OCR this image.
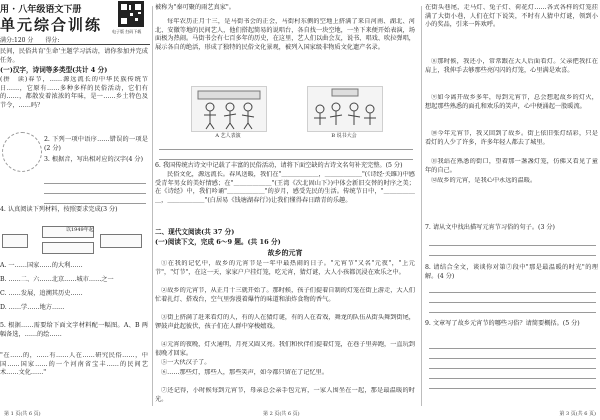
用 · 八年级语文下册
电子版 扫码下载
单元综合训练
满分:120 分　　得分:

民间，民俗共育'生命'主题学习活动，请你参加并完成任务。

(一)汉字，诗词等多类型(共计 4 分)

(拼　读)春节，……源远流长的中华民族传统节日……，它原有……多种多样的民俗活动，它们有的……，都散发着浓浓的年味，是一……乡土特色及节令，……吗？

2. 下列一项中语序……错误的一项是(2 分)
3. 根据音，写出相对应的汉字(4 分)
4. 认真阅读下列材料，按照要求完成(3 分)
以1949年起
A. 一……国家……的大利……
B. ……二、六……北京……城市……之一
C. ……发展，追溯其历史……
D. ……学……地方……
5. 根据……需要给下面文字材料配一幅图。A、B 两幅备选，……的绘……

"在……的，……有……人在……研究民俗……，中国……国家……的一个河南省宝丰……的民间艺术……文化……"

第 1 页(共 6 页)
被称为"秦可聚的雨艺真家"。

每年农历正月十三，是马街书会的正会，马街村东侧的空地上挤满了来自河南、湖北、河北、安徽等地的民间艺人，他们搭起简易的说唱台，各自找一块空地，一坐下来便开始表演，场面极为热闹。马街书会有七百多年的历史，在这里，艺人们以曲会友，说书、唱戏、吹拉弹唱，展示各自的绝活，形成了独特的民俗文化景观，被列入国家级非物质文化遗产名录。

A 艺人表演	B 说书大会
6. 我国传统古诗文中记载了丰富的民俗活动，请将下面空缺的古诗文名句补充完整。(5 分)

民俗文化，源远流长。春风送暖，我们在"＿＿＿＿＿＿，＿＿＿＿＿＿"(《诗经·关雎》)中感受青年男女的美好情感；在"＿＿＿＿＿＿"(王湾《次北固山下》)中体会新旧交替的时序之美；在《诗经》中，我们吟诵"＿＿＿＿＿＿"的岁月，感受先民的生活。传统节日中，"＿＿＿＿＿＿，＿＿＿＿＿＿"(白居易《钱塘湖春行》)让我们懂得春日踏青的乐趣。

二、现代文阅读(共 37 分)
(一)阅读下文，完成 6～9 题。(共 16 分)
故乡的元宵

①在我的记忆中，故乡的元宵节是一年中最热闹的日子。"元宵节"又名"元夜"，"上元节"，"灯节"，在这一天，家家户户挂灯笼，吃元宵，猜灯谜，大人小孩都沉浸在欢乐之中。

②故乡的元宵节，从正月十三就开始了。那时候，孩子们提着自制的灯笼在街上游走，大人们忙着扎灯、搭戏台，空气里弥漫着爆竹的味道和油炸食物的香气。

③街上挤满了赶来看灯的人，有的人在猜灯谜，有的人在看戏，舞龙的队伍从街头舞到街尾，锣鼓声此起彼伏，孩子们在人群中穿梭嬉戏。

④元宵的夜晚，灯火通明，月亮又圆又亮。我们和伙伴们提着灯笼，在巷子里奔跑，一直玩到很晚才回家。

⑤一大伙汉子了。

⑥……那些灯，那些人，那些笑声，如今都只留在了记忆里。

⑦还记得，小时候每到元宵节，母亲总会亲手包元宵，一家人围坐在一起，那是最温暖的时光。

第 2 页(共 6 页)

在街头巷尾，走马灯、兔子灯、荷花灯……各式各样的灯笼挂满了大街小巷，人们在灯下说笑，不时有人猜中灯谜，领到小小的奖品，引来一阵欢呼。

⑧那时候，我还小，常常跟在大人后面看灯。父亲把我扛在肩上，我伸手去够那些亮闪闪的灯笼，心里满是欢喜。

⑨如今离开故乡多年，每到元宵节，总会想起故乡的灯火，想起那些熟悉的面孔和欢乐的笑声，心中便涌起一股暖流。

⑩今年元宵节，我又回到了故乡。街上依旧张灯结彩，只是看灯的人少了许多，许多年轻人都去了城里。

⑪我站在熟悉的街口，望着那一盏盏灯笼，仿佛又看见了童年的自己。

⑫故乡的元宵，是我心中永远的温暖。

7. 请从文中找出描写元宵节习俗的句子。(3 分)
8. 请结合全文，谈谈你对第⑦段中"那是最温暖的时光"的理解。(4 分)
9. 文章写了故乡元宵节的哪些习俗？请简要概括。(5 分)
第 3 页(共 6 页)
